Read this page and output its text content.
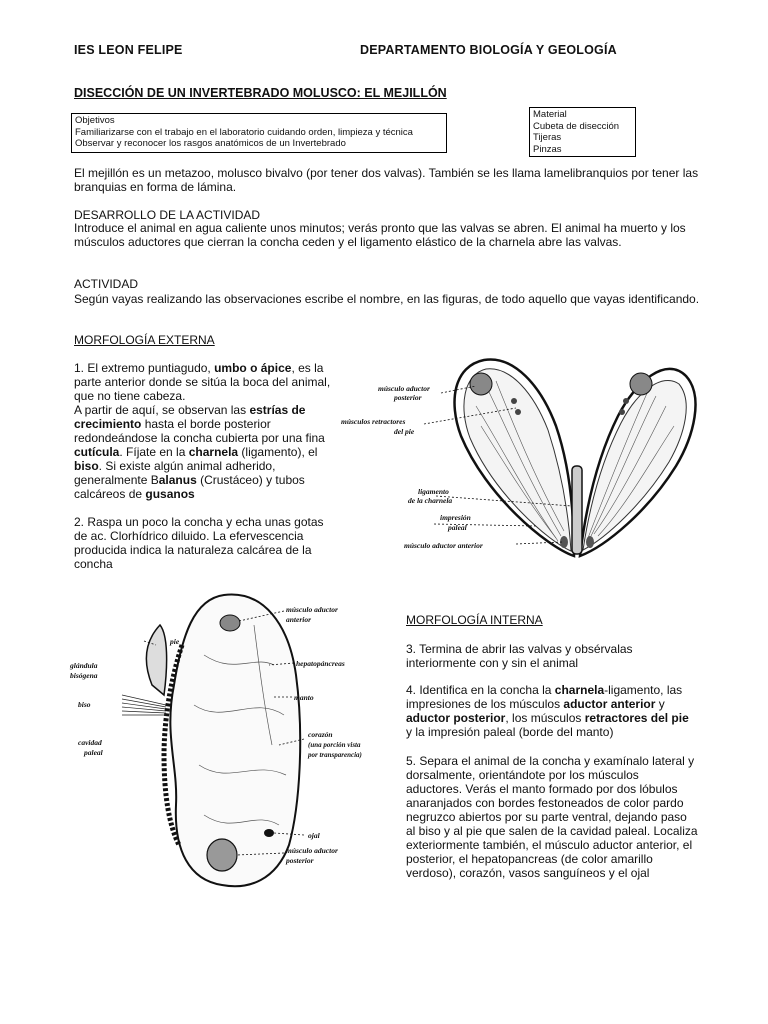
IES LEON FELIPE	DEPARTAMENTO BIOLOGÍA Y GEOLOGÍA
DISECCIÓN DE UN INVERTEBRADO MOLUSCO: EL MEJILLÓN
Objetivos
Familiarizarse con el trabajo en el laboratorio cuidando orden, limpieza y técnica
Observar y reconocer los rasgos anatómicos de un Invertebrado
Material
Cubeta de disección
Tijeras
Pinzas
El mejillón es un metazoo, molusco bivalvo (por tener dos valvas). También se les llama lamelibranquios por tener las branquias en forma de lámina.
DESARROLLO DE LA ACTIVIDAD
Introduce el animal en agua caliente unos minutos; verás pronto que las valvas se abren. El animal ha muerto y los músculos aductores que cierran la concha ceden y el ligamento elástico de la charnela abre las valvas.
ACTIVIDAD
Según vayas realizando las observaciones escribe el nombre, en las figuras, de todo aquello que vayas identificando.
MORFOLOGÍA EXTERNA
1. El extremo puntiagudo, umbo o ápice, es la parte anterior donde se sitúa la boca del animal, que no tiene cabeza.
A partir de aquí, se observan las estrías de crecimiento hasta el borde posterior redondeándose la concha cubierta por una fina cutícula. Fíjate en la charnela (ligamento), el biso. Si existe algún animal adherido, generalmente Balanus (Crustáceo) y tubos calcáreos de gusanos
2. Raspa un poco la concha y echa unas gotas de ac. Clorhídrico diluido. La efervescencia producida indica la naturaleza calcárea de la concha
músculo aductor
posterior
músculos retractores
del pie
ligamento
de la charnela
impresión
paleal
músculo aductor anterior
músculo aductor
anterior
pie
glándula
bisógena
hepatopáncreas
biso
manto
corazón
(una porción vista
por transparencia)
cavidad
paleal
ojal
músculo aductor
posterior
MORFOLOGÍA INTERNA
3. Termina de abrir las valvas y obsérvalas interiormente con y sin el animal
4. Identifica en la concha la charnela-ligamento, las impresiones de los músculos aductor anterior y aductor posterior, los músculos retractores del pie y la impresión paleal (borde del manto)
5. Separa el animal de la concha y examínalo lateral y dorsalmente, orientándote por los músculos aductores. Verás el manto formado por dos lóbulos anaranjados con bordes festoneados de color pardo negruzco abiertos por su parte ventral, dejando paso al biso y al pie que salen de la cavidad paleal. Localiza exteriormente también, el músculo aductor anterior, el posterior, el hepatopancreas (de color amarillo verdoso), corazón, vasos sanguíneos y el ojal
